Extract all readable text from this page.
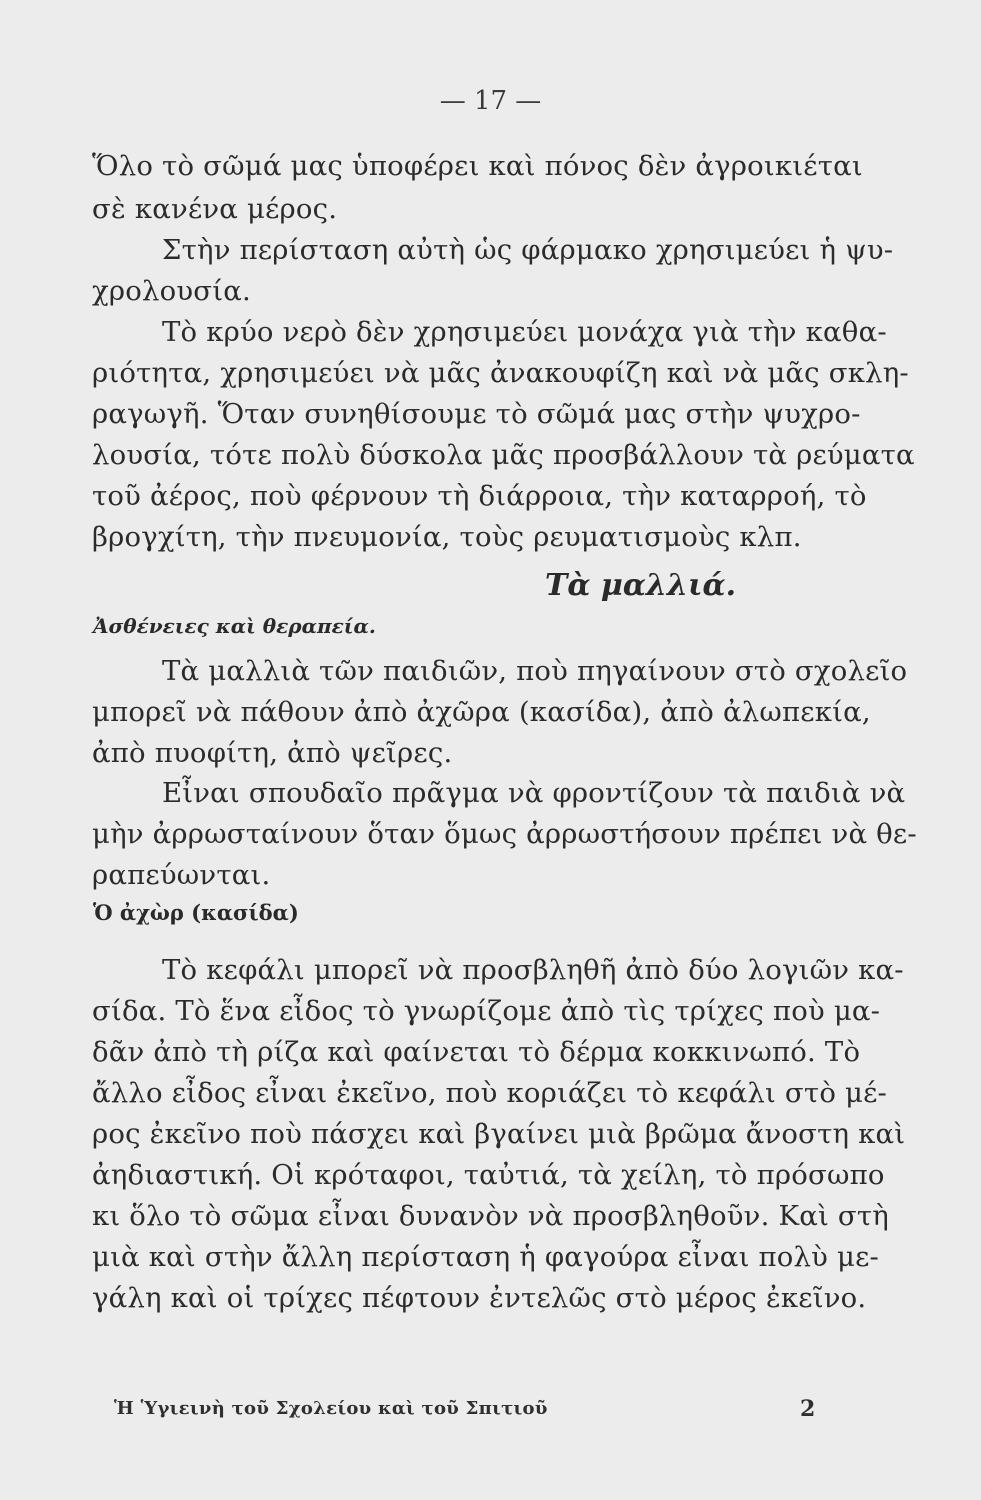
— 17 —
Ὅλο τὸ σῶμά μας ὑποφέρει καὶ πόνος δὲν ἀγροικιέται
σὲ κανένα μέρος.
Στὴν περίσταση αὐτὴ ὡς φάρμακο χρησιμεύει ἡ ψυ-
χρολουσία.
Τὸ κρύο νερὸ δὲν χρησιμεύει μονάχα γιὰ τὴν καθα-
ριότητα, χρησιμεύει νὰ μᾶς ἀνακουφίζη καὶ νὰ μᾶς σκλη-
ραγωγῆ. Ὅταν συνηθίσουμε τὸ σῶμά μας στὴν ψυχρο-
λουσία, τότε πολὺ δύσκολα μᾶς προσβάλλουν τὰ ρεύματα
τοῦ ἀέρος, ποὺ φέρνουν τὴ διάρροια, τὴν καταρροή, τὸ
βρογχίτη, τὴν πνευμονία, τοὺς ρευματισμοὺς κλπ.
Τὰ μαλλιά.
Ἀσθένειες καὶ θεραπεία.
Τὰ μαλλιὰ τῶν παιδιῶν, ποὺ πηγαίνουν στὸ σχολεῖο
μπορεῖ νὰ πάθουν ἀπὸ ἀχῶρα (κασίδα), ἀπὸ ἀλωπεκία,
ἀπὸ πυοφίτη, ἀπὸ ψεῖρες.
Εἶναι σπουδαῖο πρᾶγμα νὰ φροντίζουν τὰ παιδιὰ νὰ
μὴν ἀρρωσταίνουν ὅταν ὅμως ἀρρωστήσουν πρέπει νὰ θε-
ραπεύωνται.
Ὁ ἀχὼρ (κασίδα)
Τὸ κεφάλι μπορεῖ νὰ προσβληθῆ ἀπὸ δύο λογιῶν κα-
σίδα. Τὸ ἕνα εἶδος τὸ γνωρίζομε ἀπὸ τὶς τρίχες ποὺ μα-
δᾶν ἀπὸ τὴ ρίζα καὶ φαίνεται τὸ δέρμα κοκκινωπό. Τὸ
ἄλλο εἶδος εἶναι ἐκεῖνο, ποὺ κοριάζει τὸ κεφάλι στὸ μέ-
ρος ἐκεῖνο ποὺ πάσχει καὶ βγαίνει μιὰ βρῶμα ἄνοστη καὶ
ἀηδιαστική. Οἱ κρόταφοι, ταὐτιά, τὰ χείλη, τὸ πρόσωπο
κι ὅλο τὸ σῶμα εἶναι δυνανὸν νὰ προσβληθοῦν. Καὶ στὴ
μιὰ καὶ στὴν ἄλλη περίσταση ἡ φαγούρα εἶναι πολὺ με-
γάλη καὶ οἱ τρίχες πέφτουν ἐντελῶς στὸ μέρος ἐκεῖνο.
Ἡ Ὑγιεινὴ τοῦ Σχολείου καὶ τοῦ Σπιτιοῦ	2
